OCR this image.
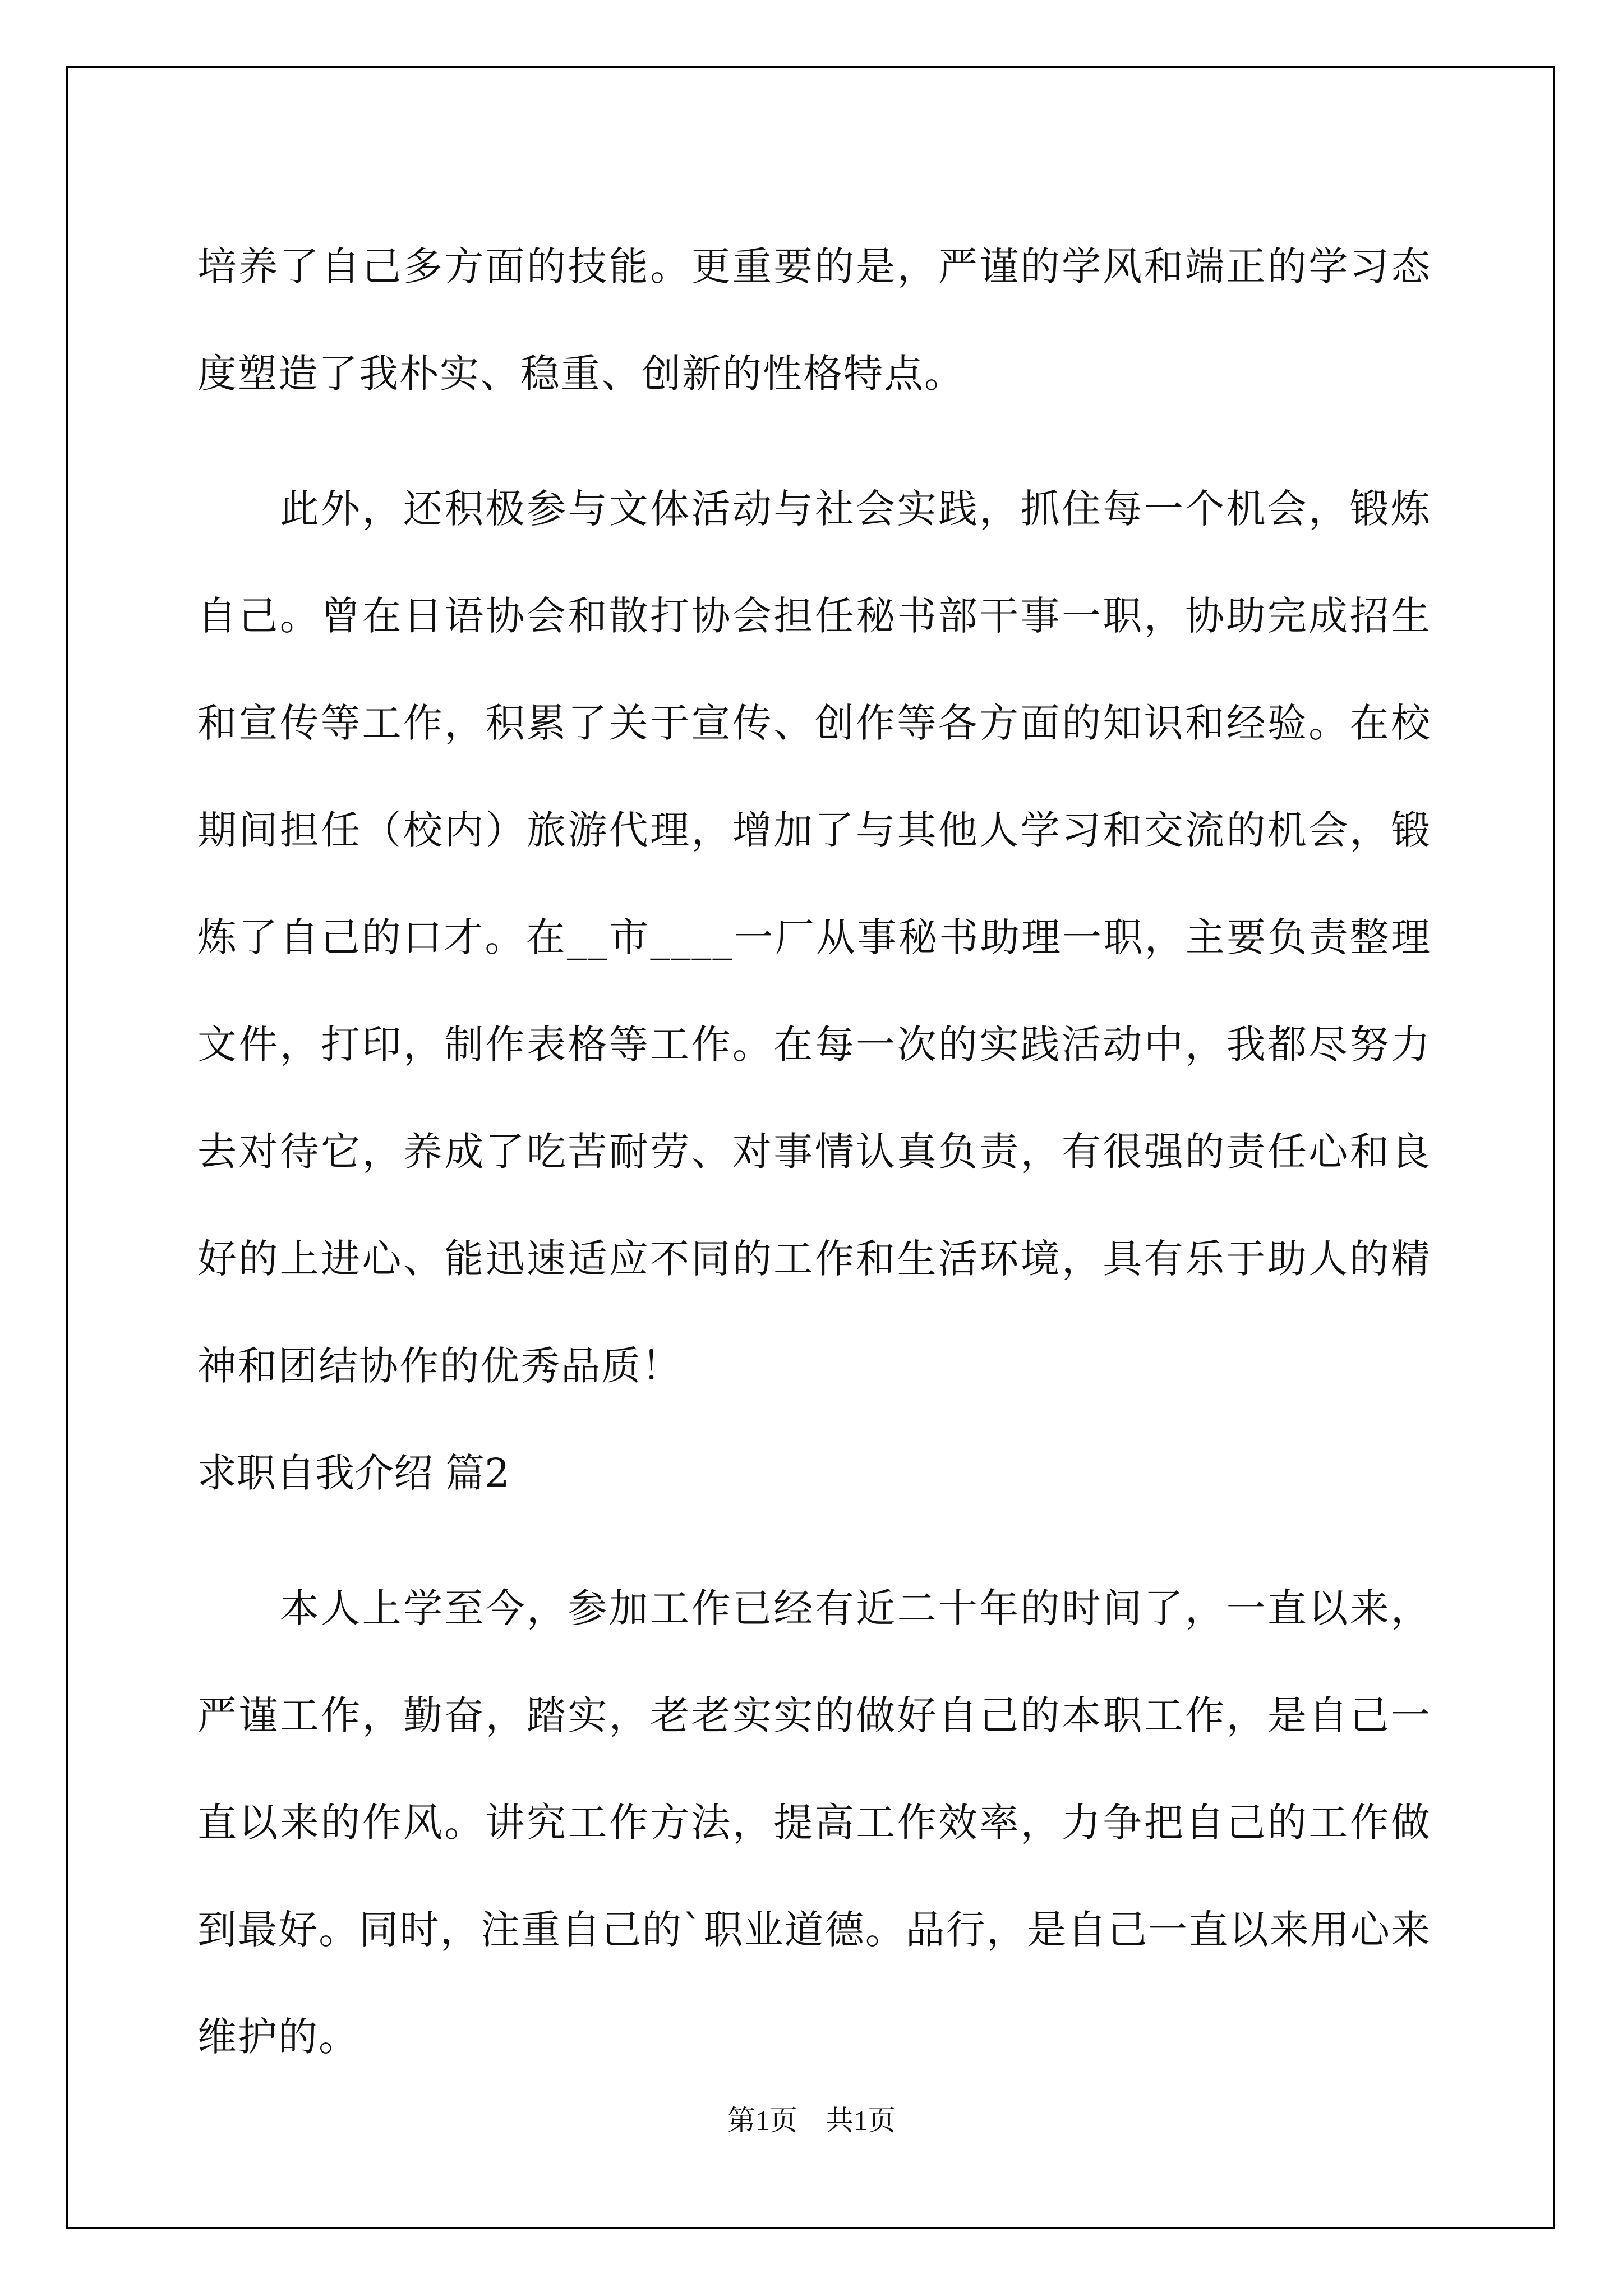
培养了自己多方面的技能。更重要的是，严谨的学风和端正的学习态
度塑造了我朴实、稳重、创新的性格特点。
　　此外，还积极参与文体活动与社会实践，抓住每一个机会，锻炼
自己。曾在日语协会和散打协会担任秘书部干事一职，协助完成招生
和宣传等工作，积累了关于宣传、创作等各方面的知识和经验。在校
期间担任（校内）旅游代理，增加了与其他人学习和交流的机会，锻
炼了自己的口才。在__市____一厂从事秘书助理一职，主要负责整理
文件，打印，制作表格等工作。在每一次的实践活动中，我都尽努力
去对待它，养成了吃苦耐劳、对事情认真负责，有很强的责任心和良
好的上进心、能迅速适应不同的工作和生活环境，具有乐于助人的精
神和团结协作的优秀品质！
求职自我介绍 篇2
　　本人上学至今，参加工作已经有近二十年的时间了，一直以来，
严谨工作，勤奋，踏实，老老实实的做好自己的本职工作，是自己一
直以来的作风。讲究工作方法，提高工作效率，力争把自己的工作做
到最好。同时，注重自己的`职业道德。品行，是自己一直以来用心来
维护的。
第1页　共1页
